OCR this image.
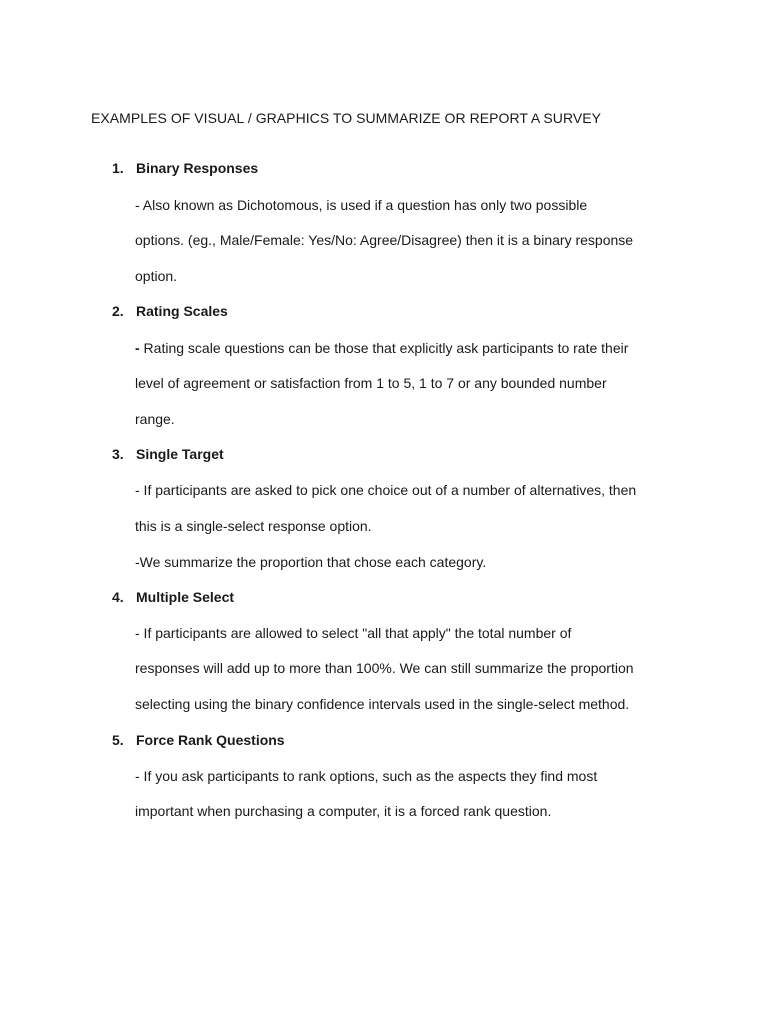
EXAMPLES OF VISUAL / GRAPHICS TO SUMMARIZE OR REPORT A SURVEY
1. Binary Responses
- Also known as Dichotomous, is used if a question has only two possible
options. (eg., Male/Female: Yes/No: Agree/Disagree) then it is a binary response
option.
2. Rating Scales
- Rating scale questions can be those that explicitly ask participants to rate their
level of agreement or satisfaction from 1 to 5, 1 to 7 or any bounded number
range.
3. Single Target
- If participants are asked to pick one choice out of a number of alternatives, then
this is a single-select response option.
-We summarize the proportion that chose each category.
4. Multiple Select
- If participants are allowed to select "all that apply" the total number of
responses will add up to more than 100%. We can still summarize the proportion
selecting using the binary confidence intervals used in the single-select method.
5. Force Rank Questions
- If you ask participants to rank options, such as the aspects they find most
important when purchasing a computer, it is a forced rank question.
